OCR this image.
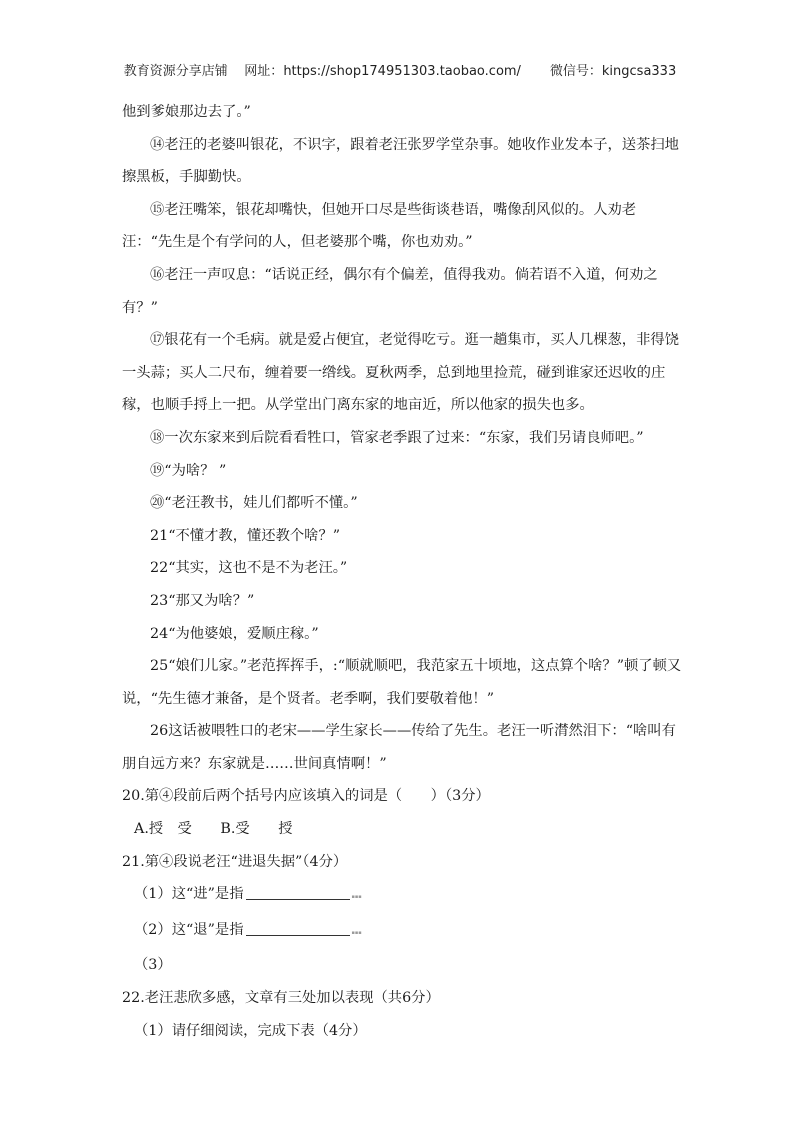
教育资源分享店铺 网址：https://shop174951303.taobao.com/ 微信号：kingcsa333

他到爹娘那边去了。”

⑭老汪的老婆叫银花，不识字，跟着老汪张罗学堂杂事。她收作业发本子，送茶扫地擦黑板，手脚勤快。

⑮老汪嘴笨，银花却嘴快，但她开口尽是些街谈巷语，嘴像刮风似的。人劝老汪：“先生是个有学问的人，但老婆那个嘴，你也劝劝。”

⑯老汪一声叹息：“话说正经，偶尔有个偏差，值得我劝。倘若语不入道，何劝之有？”

⑰银花有一个毛病。就是爱占便宜，老觉得吃亏。逛一趟集市，买人几棵葱，非得饶一头蒜；买人二尺布，缠着要一绺线。夏秋两季，总到地里捡荒，碰到谁家还迟收的庄稼，也顺手捋上一把。从学堂出门离东家的地亩近，所以他家的损失也多。

⑱一次东家来到后院看看牲口，管家老季跟了过来：“东家，我们另请良师吧。”

⑲“为啥？ ”

⑳“老汪教书，娃儿们都听不懂。”

21“不懂才教，懂还教个啥？”

22“其实，这也不是不为老汪。”

23“那又为啥？”

24“为他婆娘，爱顺庄稼。”

25“娘们儿家。”老范挥挥手，:“顺就顺吧，我范家五十顷地，这点算个啥？”顿了顿又说，“先生德才兼备，是个贤者。老季啊，我们要敬着他！”

26这话被喂牲口的老宋——学生家长——传给了先生。老汪一听潸然泪下：“啥叫有朋自远方来？东家就是……世间真情啊！”

20.第④段前后两个括号内应该填入的词是（　　）（3分）

A.授　受　　B.受　　授

21.第④段说老汪“进退失据”（4分）

（1）这“进”是指	▪▪▪

（2）这“退”是指	▪▪▪

（3）

22.老汪悲欣多感，文章有三处加以表现（共6分）

（1）请仔细阅读，完成下表（4分）
